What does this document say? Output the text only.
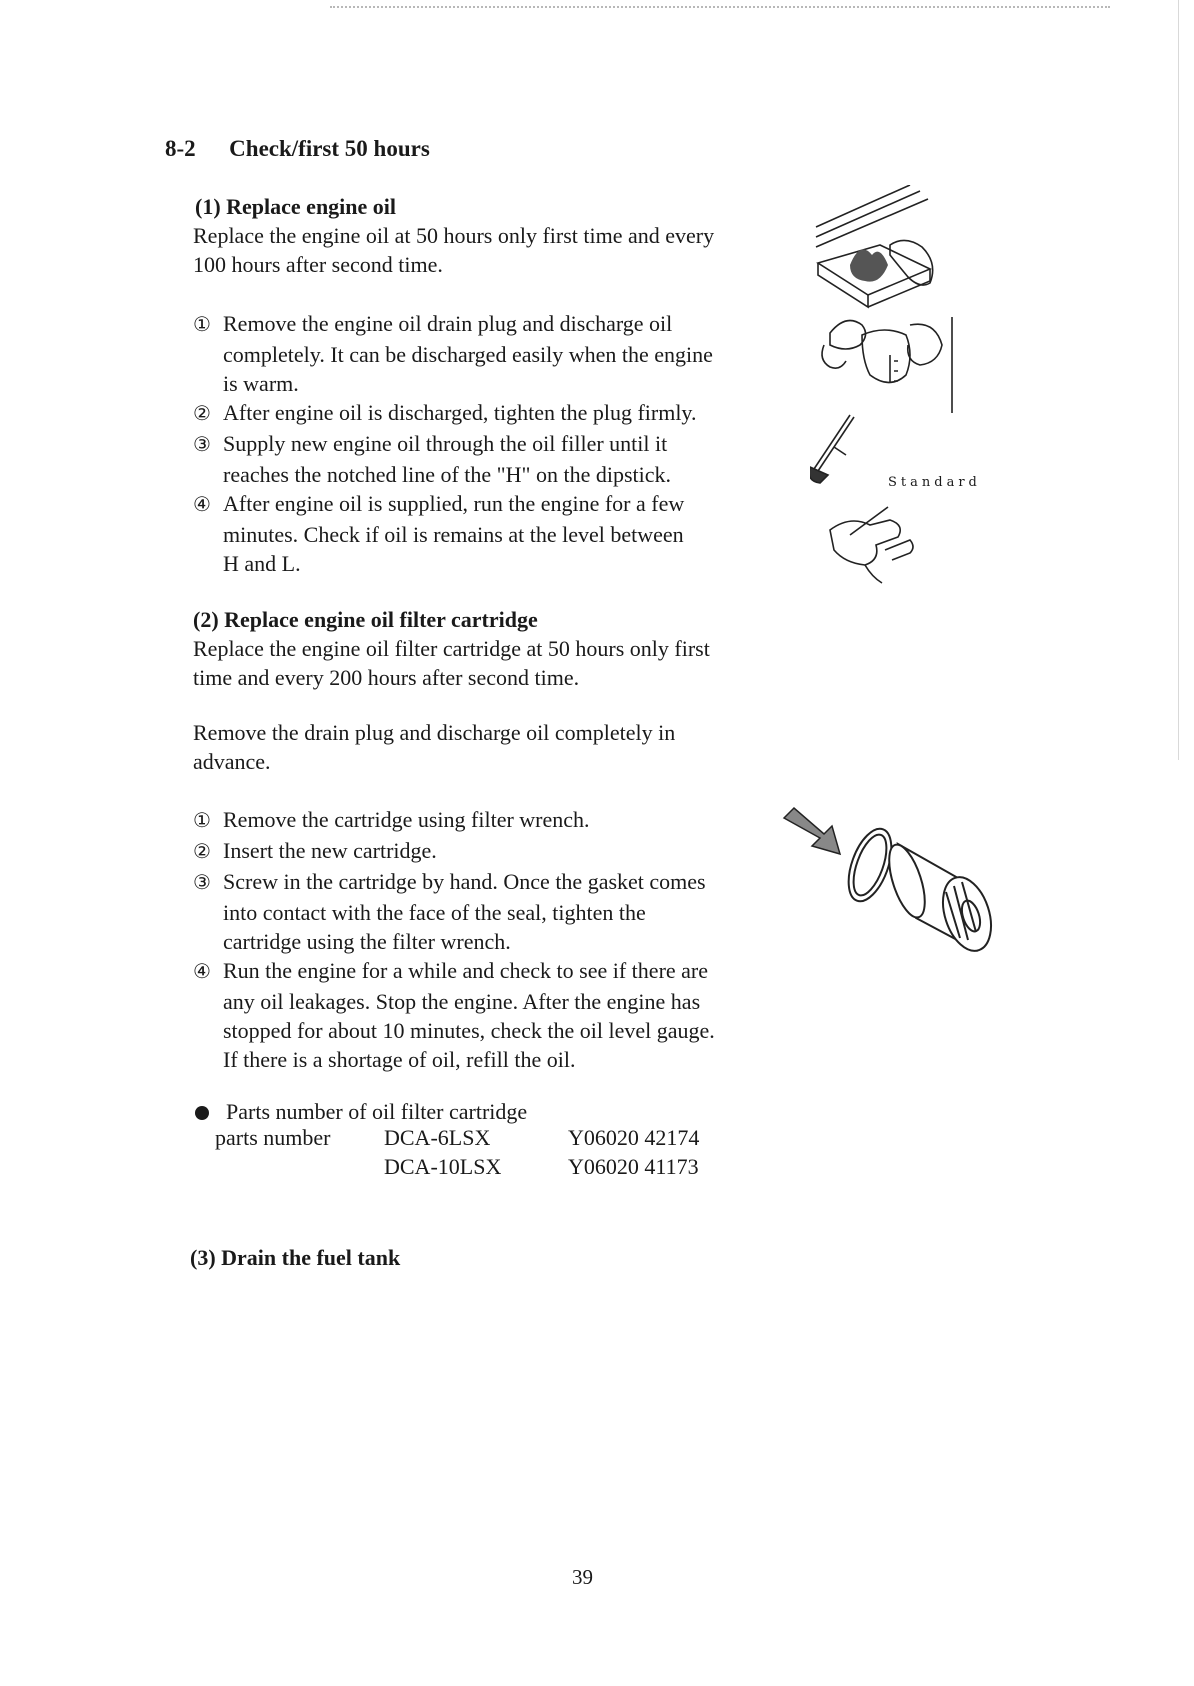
8-2 Check/first 50 hours
(1) Replace engine oil
Replace the engine oil at 50 hours only first time and every
100 hours after second time.
① Remove the engine oil drain plug and discharge oil
completely. It can be discharged easily when the engine
is warm.
② After engine oil is discharged, tighten the plug firmly.
③ Supply new engine oil through the oil filler until it
reaches the notched line of the "H" on the dipstick.
④ After engine oil is supplied, run the engine for a few
minutes. Check if oil is remains at the level between
H and L.
Standard
(2) Replace engine oil filter cartridge
Replace the engine oil filter cartridge at 50 hours only first
time and every 200 hours after second time.
Remove the drain plug and discharge oil completely in
advance.
① Remove the cartridge using filter wrench.
② Insert the new cartridge.
③ Screw in the cartridge by hand. Once the gasket comes
into contact with the face of the seal, tighten the
cartridge using the filter wrench.
④ Run the engine for a while and check to see if there are
any oil leakages. Stop the engine. After the engine has
stopped for about 10 minutes, check the oil level gauge.
If there is a shortage of oil, refill the oil.
Parts number of oil filter cartridge
parts number DCA-6LSX	Y06020 42174
DCA-10LSX	Y06020 41173
(3) Drain the fuel tank
39
